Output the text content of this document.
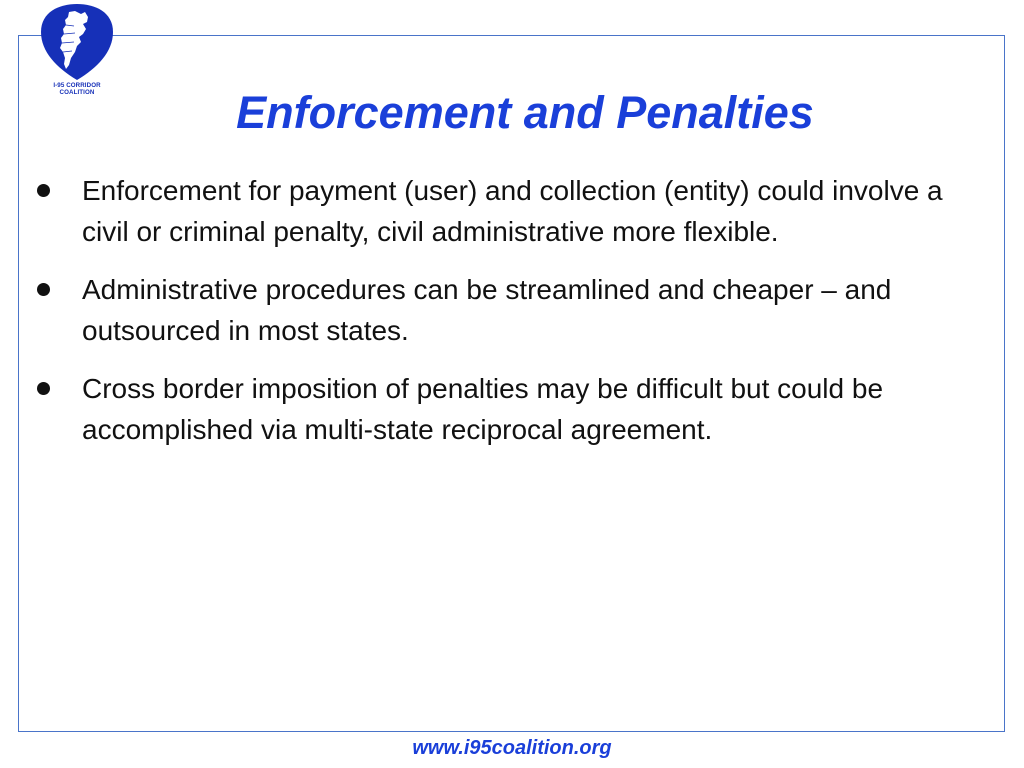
I-95 CORRIDOR
COALITION	Enforcement and Penalties
Enforcement for payment (user) and collection (entity) could involve a civil or criminal penalty, civil administrative more flexible.
Administrative procedures can be streamlined and cheaper – and outsourced in most states.
Cross border imposition of penalties may be difficult but could be accomplished via multi-state reciprocal agreement.
www.i95coalition.org
